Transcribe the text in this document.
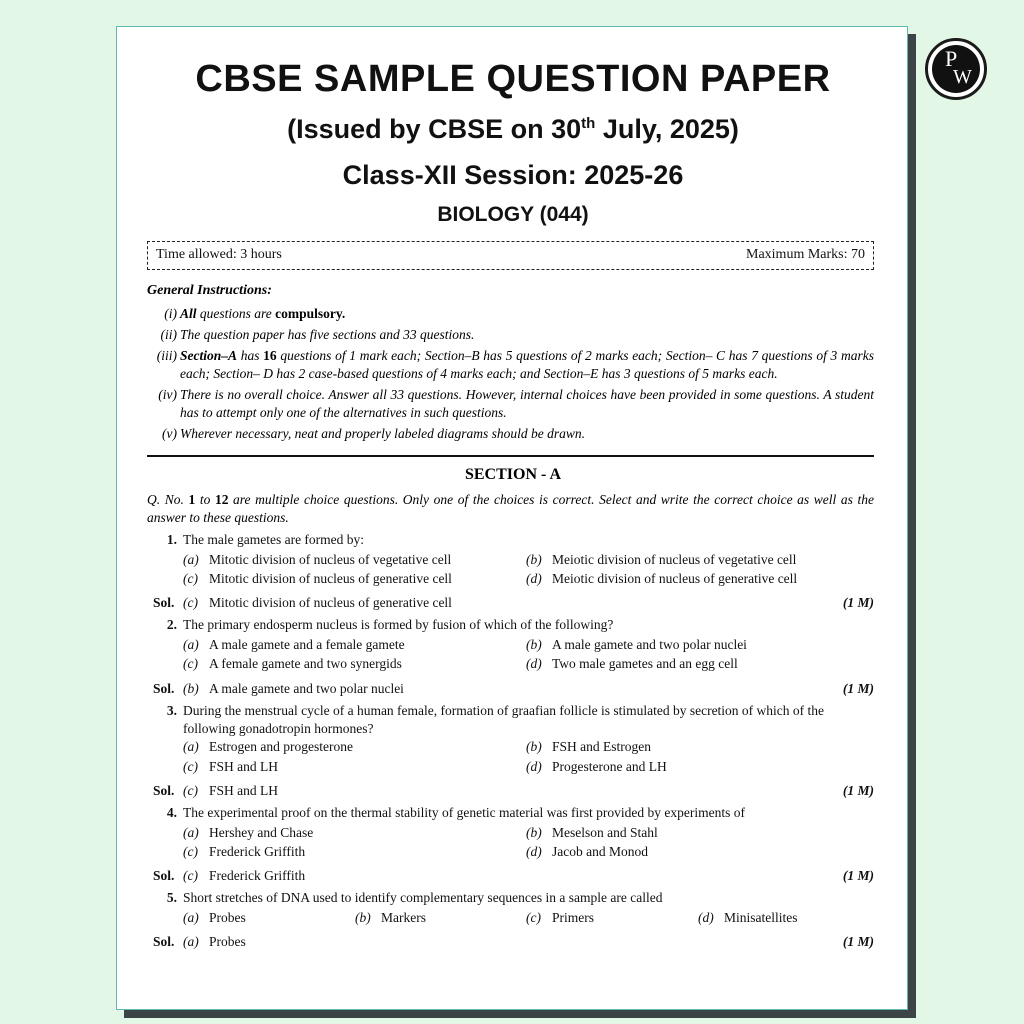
CBSE SAMPLE QUESTION PAPER
(Issued by CBSE on 30th July, 2025)
Class-XII Session: 2025-26
BIOLOGY (044)
Time allowed: 3 hours	Maximum Marks: 70
General Instructions:
(i) All questions are compulsory.
(ii) The question paper has five sections and 33 questions.
(iii) Section–A has 16 questions of 1 mark each; Section–B has 5 questions of 2 marks each; Section– C has 7 questions of 3 marks each; Section– D has 2 case-based questions of 4 marks each; and Section–E has 3 questions of 5 marks each.
(iv) There is no overall choice. Answer all 33 questions. However, internal choices have been provided in some questions. A student has to attempt only one of the alternatives in such questions.
(v) Wherever necessary, neat and properly labeled diagrams should be drawn.
SECTION - A
Q. No. 1 to 12 are multiple choice questions. Only one of the choices is correct. Select and write the correct choice as well as the answer to these questions.
1. The male gametes are formed by:
(a) Mitotic division of nucleus of vegetative cell	(b) Meiotic division of nucleus of vegetative cell
(c) Mitotic division of nucleus of generative cell	(d) Meiotic division of nucleus of generative cell
Sol. (c) Mitotic division of nucleus of generative cell	(1 M)
2. The primary endosperm nucleus is formed by fusion of which of the following?
(a) A male gamete and a female gamete	(b) A male gamete and two polar nuclei
(c) A female gamete and two synergids	(d) Two male gametes and an egg cell
Sol. (b) A male gamete and two polar nuclei	(1 M)
3. During the menstrual cycle of a human female, formation of graafian follicle is stimulated by secretion of which of the following gonadotropin hormones?
(a) Estrogen and progesterone	(b) FSH and Estrogen
(c) FSH and LH	(d) Progesterone and LH
Sol. (c) FSH and LH	(1 M)
4. The experimental proof on the thermal stability of genetic material was first provided by experiments of
(a) Hershey and Chase	(b) Meselson and Stahl
(c) Frederick Griffith	(d) Jacob and Monod
Sol. (c) Frederick Griffith	(1 M)
5. Short stretches of DNA used to identify complementary sequences in a sample are called
(a) Probes	(b) Markers	(c) Primers	(d) Minisatellites
Sol. (a) Probes	(1 M)
P
W
